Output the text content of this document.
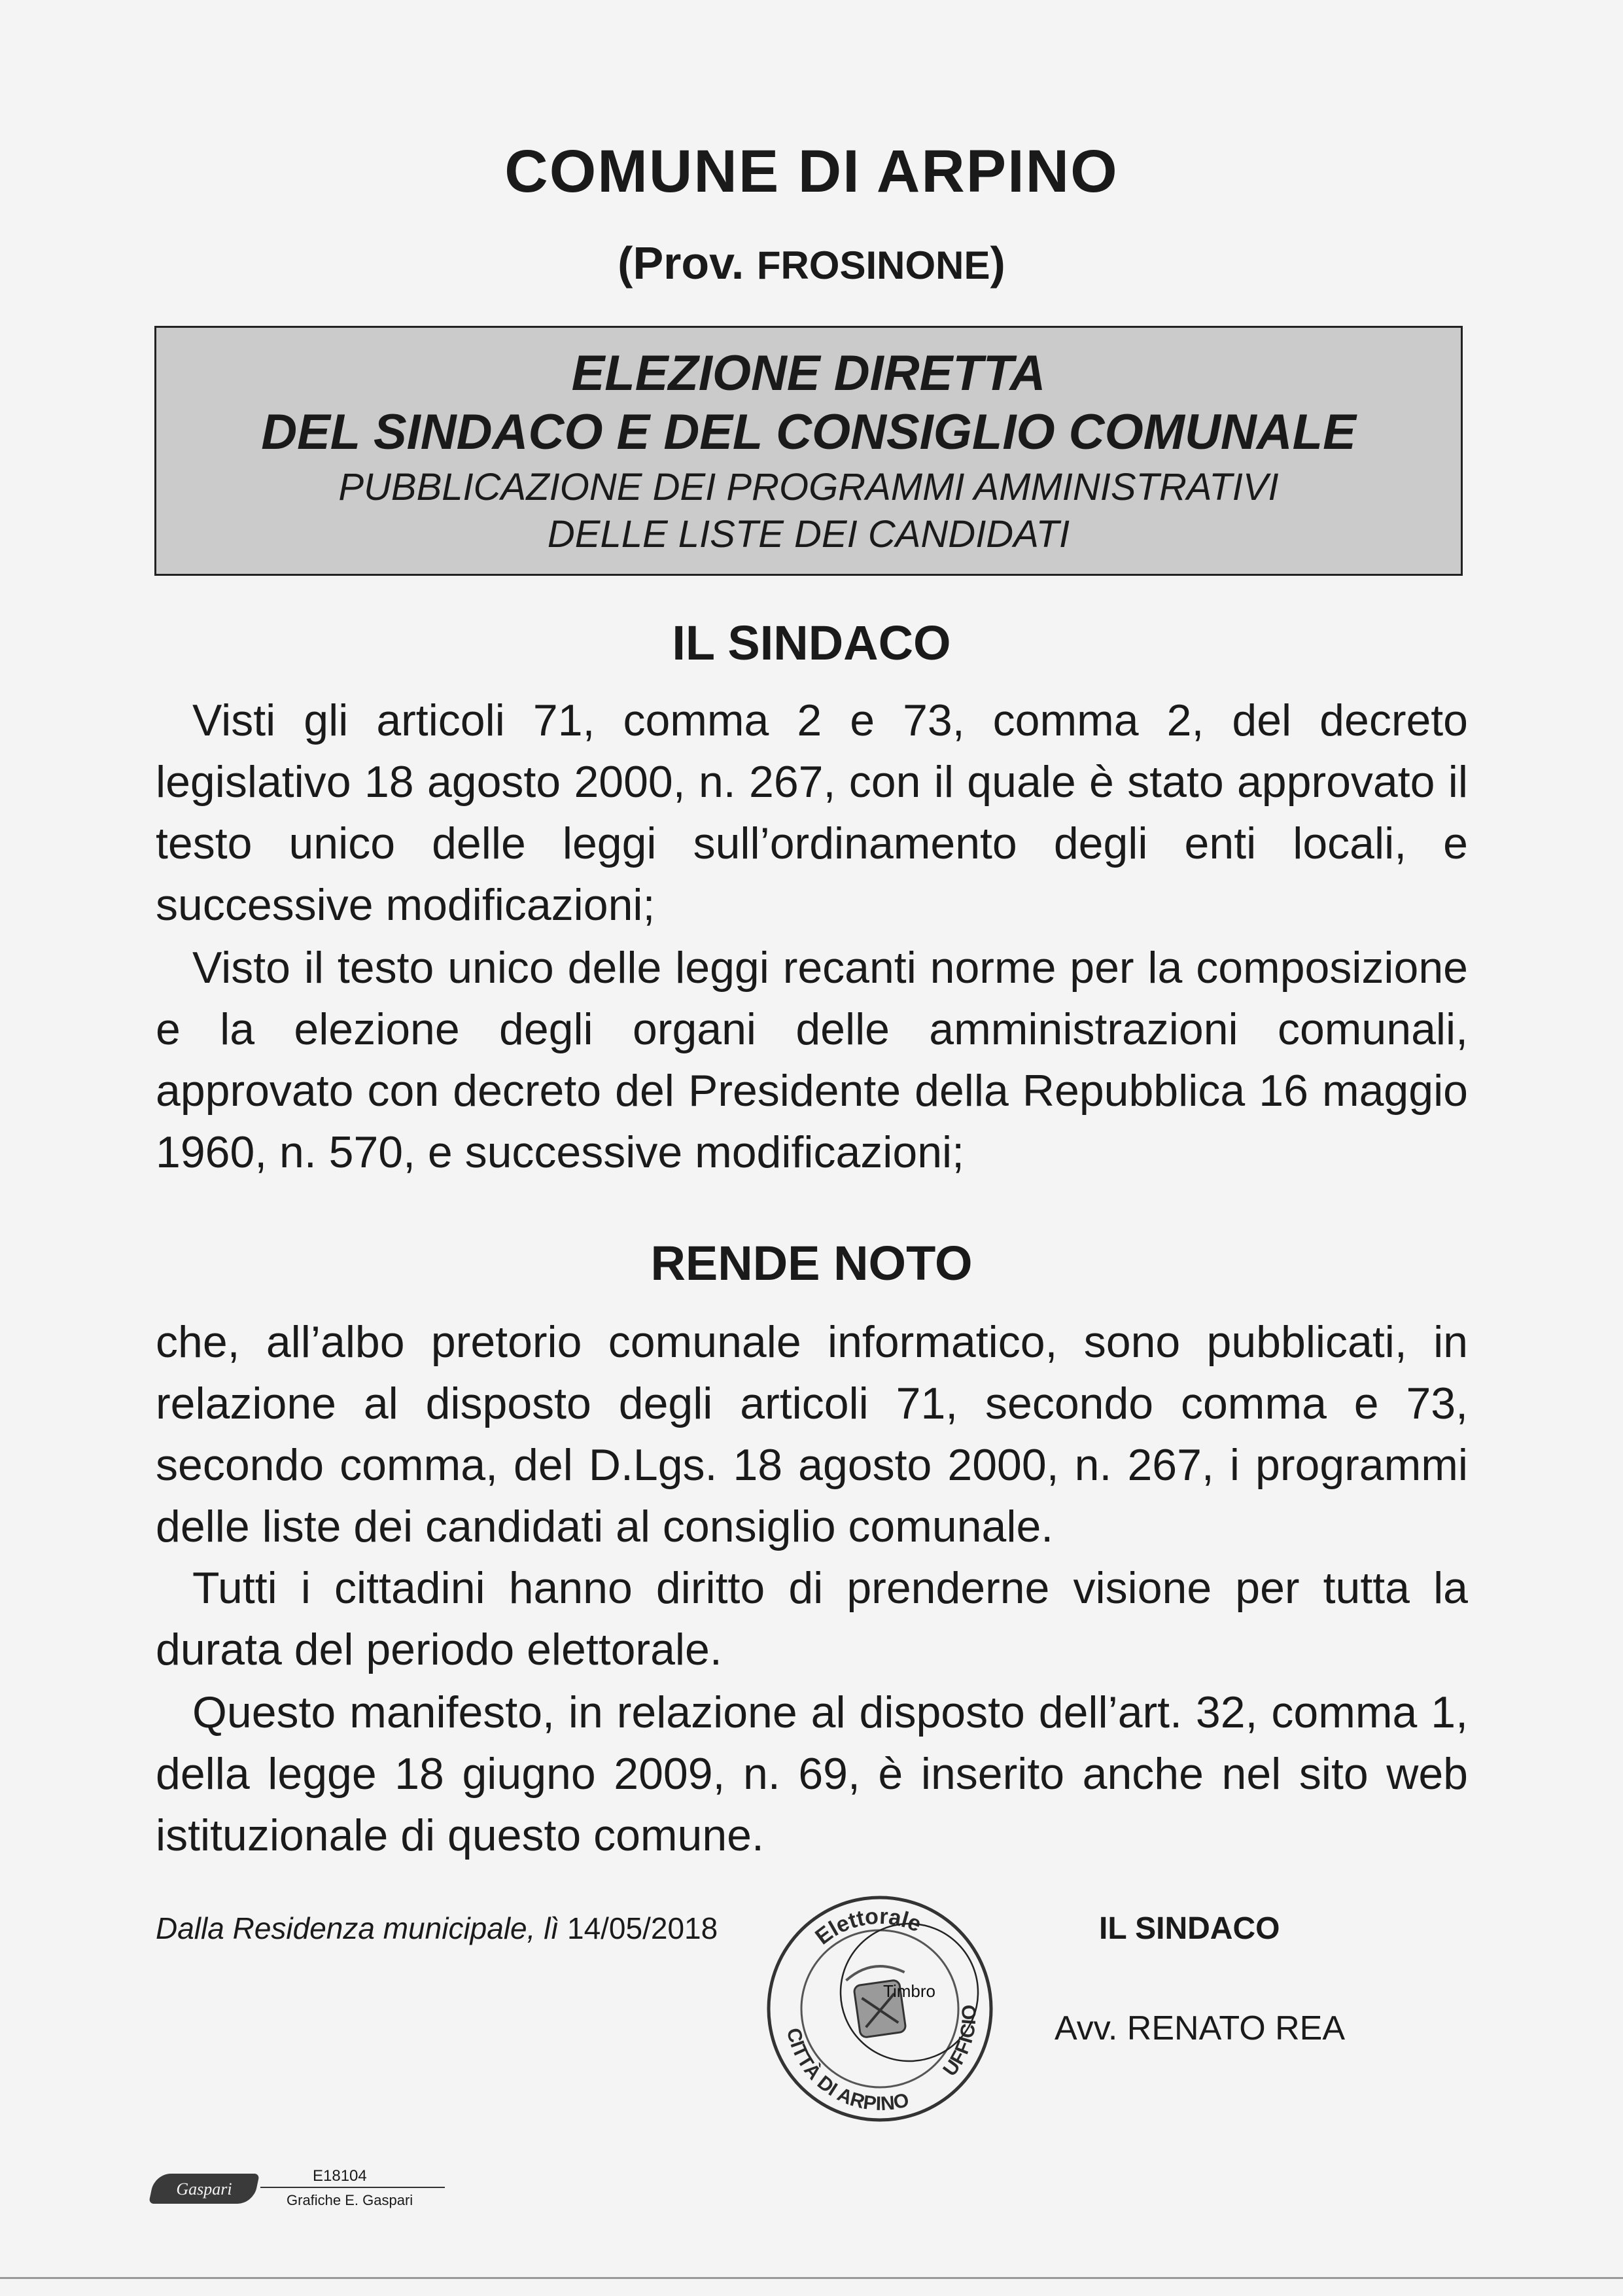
COMUNE DI ARPINO
(Prov. FROSINONE)
ELEZIONE DIRETTA
DEL SINDACO E DEL CONSIGLIO COMUNALE
PUBBLICAZIONE DEI PROGRAMMI AMMINISTRATIVI
DELLE LISTE DEI CANDIDATI
IL SINDACO

Visti gli articoli 71, comma 2 e 73, comma 2, del decreto legislativo 18 agosto 2000, n. 267, con il quale è stato approvato il testo unico delle leggi sull’ordinamento degli enti locali, e successive modificazioni;

Visto il testo unico delle leggi recanti norme per la composizione e la elezione degli organi delle amministrazioni comunali, approvato con decreto del Presidente della Repubblica 16 maggio 1960, n. 570, e successive modificazioni;

RENDE NOTO

che, all’albo pretorio comunale informatico, sono pubblicati, in relazione al disposto degli articoli 71, secondo comma e 73, secondo comma, del D.Lgs. 18 agosto 2000, n. 267, i programmi delle liste dei candidati al consiglio comunale.

Tutti i cittadini hanno diritto di prenderne visione per tutta la durata del periodo elettorale.

Questo manifesto, in relazione al disposto dell’art. 32, comma 1, della legge 18 giugno 2009, n. 69, è inserito anche nel sito web istituzionale di questo comune.

Dalla Residenza municipale, lì 14/05/2018	IL SINDACO
Avv. RENATO REA
Elettorale
CITTÀ DI ARPINO
UFFICIO
Timbro
Gaspari
E18104
Grafiche E. Gaspari
